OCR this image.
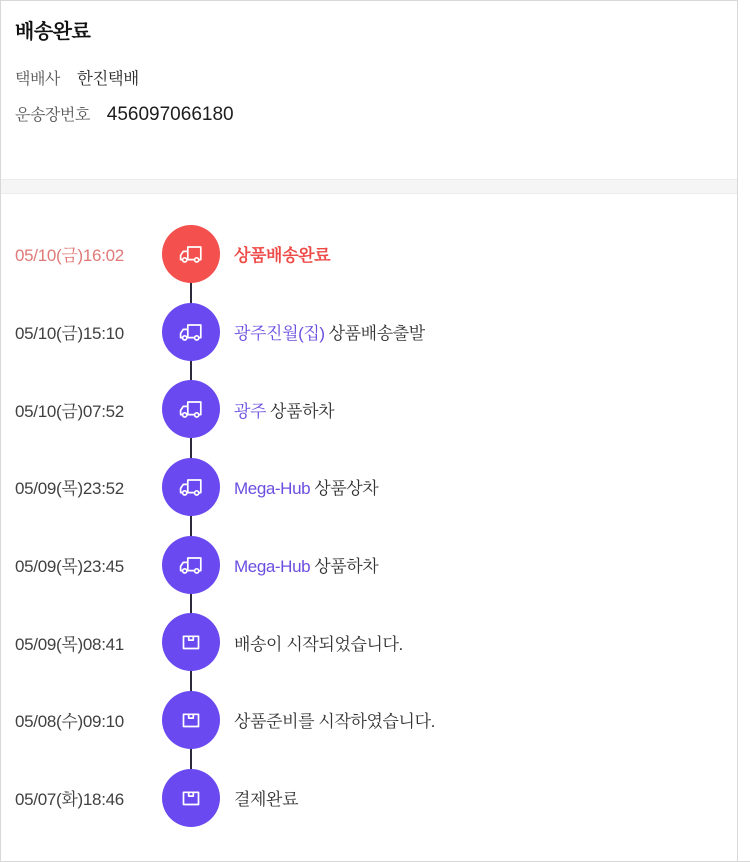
배송완료
택배사 한진택배
운송장번호 456097066180
05/10(금)16:02	상품배송완료
05/10(금)15:10	광주진월(집) 상품배송출발
05/10(금)07:52	광주 상품하차
05/09(목)23:52	Mega-Hub 상품상차
05/09(목)23:45	Mega-Hub 상품하차
05/09(목)08:41	배송이 시작되었습니다.
05/08(수)09:10	상품준비를 시작하였습니다.
05/07(화)18:46	결제완료
